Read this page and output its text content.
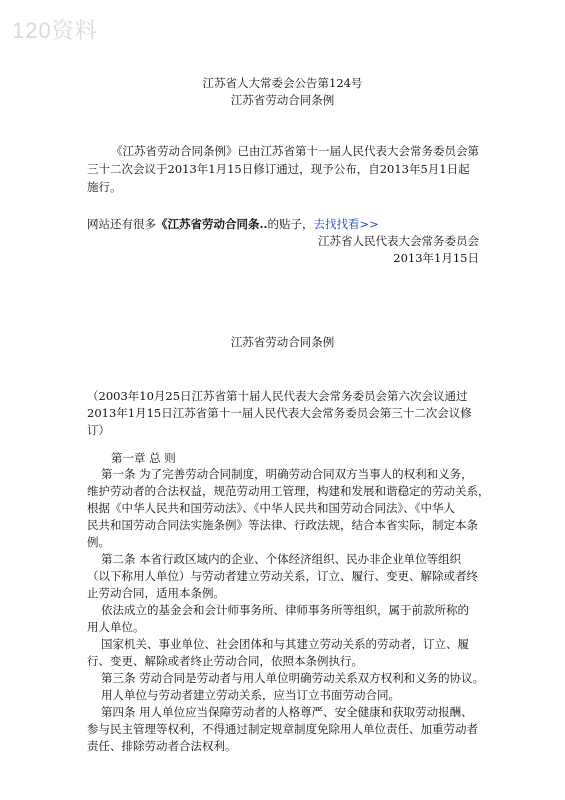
120资料
江苏省人大常委会公告第124号
江苏省劳动合同条例
《江苏省劳动合同条例》已由江苏省第十一届人民代表大会常务委员会第
三十二次会议于2013年1月15日修订通过，现予公布，自2013年5月1日起
施行。
网站还有很多《江苏省劳动合同条..的贴子，去找找看>>
江苏省人民代表大会常务委员会
2013年1月15日
江苏省劳动合同条例
（2003年10月25日江苏省第十届人民代表大会常务委员会第六次会议通过
2013年1月15日江苏省第十一届人民代表大会常务委员会第三十二次会议修
订）
第一章 总 则
第一条 为了完善劳动合同制度，明确劳动合同双方当事人的权利和义务，
维护劳动者的合法权益，规范劳动用工管理，构建和发展和谐稳定的劳动关系，
根据《中华人民共和国劳动法》、《中华人民共和国劳动合同法》、《中华人
民共和国劳动合同法实施条例》等法律、行政法规，结合本省实际，制定本条
例。
第二条 本省行政区域内的企业、个体经济组织、民办非企业单位等组织
（以下称用人单位）与劳动者建立劳动关系，订立、履行、变更、解除或者终
止劳动合同，适用本条例。
依法成立的基金会和会计师事务所、律师事务所等组织，属于前款所称的
用人单位。
国家机关、事业单位、社会团体和与其建立劳动关系的劳动者，订立、履
行、变更、解除或者终止劳动合同，依照本条例执行。
第三条 劳动合同是劳动者与用人单位明确劳动关系双方权利和义务的协议。
用人单位与劳动者建立劳动关系，应当订立书面劳动合同。
第四条 用人单位应当保障劳动者的人格尊严、安全健康和获取劳动报酬、
参与民主管理等权利，不得通过制定规章制度免除用人单位责任、加重劳动者
责任、排除劳动者合法权利。
